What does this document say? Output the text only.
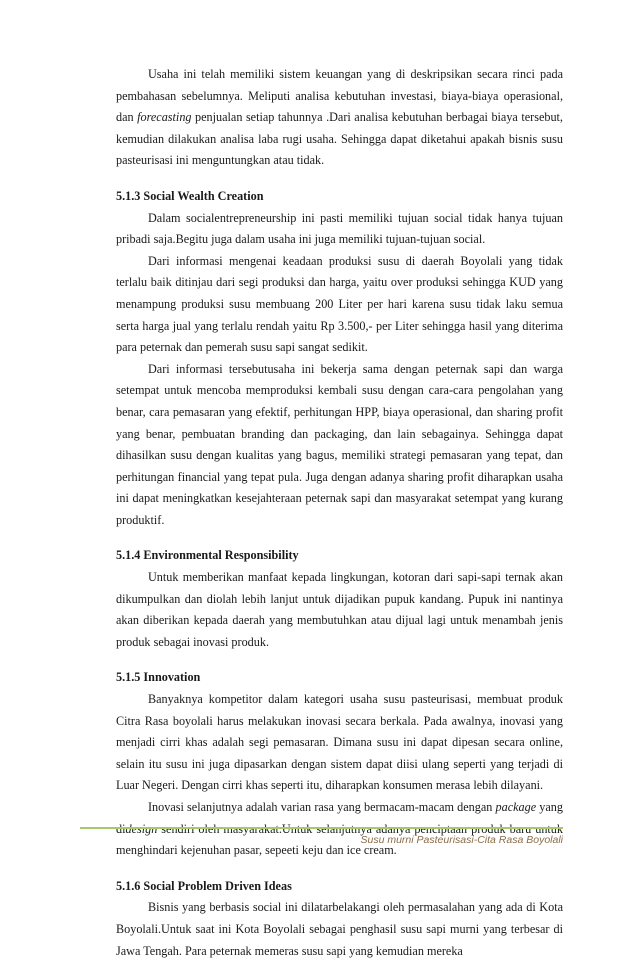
Usaha ini telah memiliki sistem keuangan yang di deskripsikan secara rinci pada pembahasan sebelumnya. Meliputi analisa kebutuhan investasi, biaya-biaya operasional, dan forecasting penjualan setiap tahunnya .Dari analisa kebutuhan berbagai biaya tersebut, kemudian dilakukan analisa laba rugi usaha. Sehingga dapat diketahui apakah bisnis susu pasteurisasi ini menguntungkan atau tidak.

5.1.3 Social Wealth Creation

Dalam socialentrepreneurship ini pasti memiliki tujuan social tidak hanya tujuan pribadi saja.Begitu juga dalam usaha ini juga memiliki tujuan-tujuan social.

Dari informasi mengenai keadaan produksi susu di daerah Boyolali yang tidak terlalu baik ditinjau dari segi produksi dan harga, yaitu over produksi sehingga KUD yang menampung produksi susu membuang 200 Liter per hari karena susu tidak laku semua serta harga jual yang terlalu rendah yaitu Rp 3.500,- per Liter sehingga hasil yang diterima para peternak dan pemerah susu sapi sangat sedikit.

Dari informasi tersebutusaha ini bekerja sama dengan peternak sapi dan warga setempat untuk mencoba memproduksi kembali susu dengan cara-cara pengolahan yang benar, cara pemasaran yang efektif, perhitungan HPP, biaya operasional, dan sharing profit yang benar, pembuatan branding dan packaging, dan lain sebagainya. Sehingga dapat dihasilkan susu dengan kualitas yang bagus, memiliki strategi pemasaran yang tepat, dan perhitungan financial yang tepat pula. Juga dengan adanya sharing profit diharapkan usaha ini dapat meningkatkan kesejahteraan peternak sapi dan masyarakat setempat yang kurang produktif.

5.1.4 Environmental Responsibility

Untuk memberikan manfaat kepada lingkungan, kotoran dari sapi-sapi ternak akan dikumpulkan dan diolah lebih lanjut untuk dijadikan pupuk kandang. Pupuk ini nantinya akan diberikan kepada daerah yang membutuhkan atau dijual lagi untuk menambah jenis produk sebagai inovasi produk.

5.1.5 Innovation

Banyaknya kompetitor dalam kategori usaha susu pasteurisasi, membuat produk Citra Rasa boyolali harus melakukan inovasi secara berkala. Pada awalnya, inovasi yang menjadi cirri khas adalah segi pemasaran. Dimana susu ini dapat dipesan secara online, selain itu susu ini juga dipasarkan dengan sistem dapat diisi ulang seperti yang terjadi di Luar Negeri. Dengan cirri khas seperti itu, diharapkan konsumen merasa lebih dilayani.

Inovasi selanjutnya adalah varian rasa yang bermacam-macam dengan package yang menghindari kejenuhan pasar, sepeeti keju dan ice cream.

5.1.6 Social Problem Driven Ideas

Bisnis yang berbasis social ini dilatarbelakangi oleh permasalahan yang ada di Kota Boyolali.Untuk saat ini Kota Boyolali sebagai penghasil susu sapi murni yang terbesar di Jawa Tengah. Para peternak memeras susu sapi yang kemudian mereka

Susu murni Pasteurisasi-Cita Rasa Boyolali
